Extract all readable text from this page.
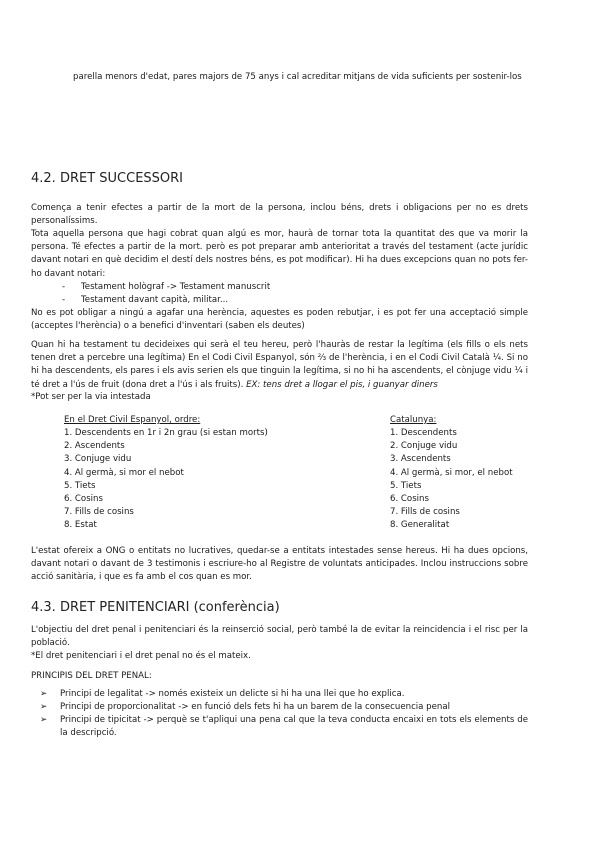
parella menors d'edat, pares majors de 75 anys i cal acreditar mitjans de vida suficients per sostenir-los

4.2. DRET SUCCESSORI

Comença a tenir efectes a partir de la mort de la persona, inclou béns, drets i obligacions per no es drets personalíssims.

Tota aquella persona que hagi cobrat quan algú es mor, haurà de tornar tota la quantitat des que va morir la persona. Té efectes a partir de la mort. però es pot preparar amb anterioritat a través del testament (acte jurídic davant notari en què decidim el destí dels nostres béns, es pot modificar). Hi ha dues excepcions quan no pots fer-ho davant notari:

- Testament hològraf -> Testament manuscrit
- Testament davant capità, militar...

No es pot obligar a ningú a agafar una herència, aquestes es poden rebutjar, i es pot fer una acceptació simple (acceptes l'herència) o a benefici d'inventari (saben els deutes)

Quan hi ha testament tu decideixes qui serà el teu hereu, però l'hauràs de restar la legítima (els fills o els nets tenen dret a percebre una legítima) En el Codi Civil Espanyol, són ⅔ de l'herència, i en el Codi Civil Català ¼. Si no hi ha descendents, els pares i els avis serien els que tinguin la legítima, si no hi ha ascendents, el cònjuge vidu ¼ i té dret a l'ús de fruit (dona dret a l'ús i als fruits). EX: tens dret a llogar el pis, i guanyar diners

*Pot ser per la via intestada

En el Dret Civil Espanyol, ordre:
1. Descendents en 1r i 2n grau (si estan morts)
2. Ascendents
3. Conjuge vidu
4. Al germà, si mor el nebot
5. Tiets
6. Cosins
7. Fills de cosins
8. Estat
Catalunya:
1. Descendents
2. Conjuge vidu
3. Ascendents
4. Al germà, si mor, el nebot
5. Tiets
6. Cosins
7. Fills de cosins
8. Generalitat

L'estat ofereix a ONG o entitats no lucratives, quedar-se a entitats intestades sense hereus. Hi ha dues opcions, davant notari o davant de 3 testimonis i escriure-ho al Registre de voluntats anticipades. Inclou instruccions sobre acció sanitària, i que es fa amb el cos quan es mor.

4.3. DRET PENITENCIARI (conferència)

L'objectiu del dret penal i penitenciari és la reinserció social, però també la de evitar la reincidencia i el risc per la població.

*El dret penitenciari i el dret penal no és el mateix.

PRINCIPIS DEL DRET PENAL:

➢ Principi de legalitat -> només existeix un delicte si hi ha una llei que ho explica.
➢ Principi de proporcionalitat -> en funció dels fets hi ha un barem de la consecuencia penal
➢	Principi de tipicitat -> perquè se t'apliqui una pena cal que la teva conducta encaixi en tots els elements de la descripció.
